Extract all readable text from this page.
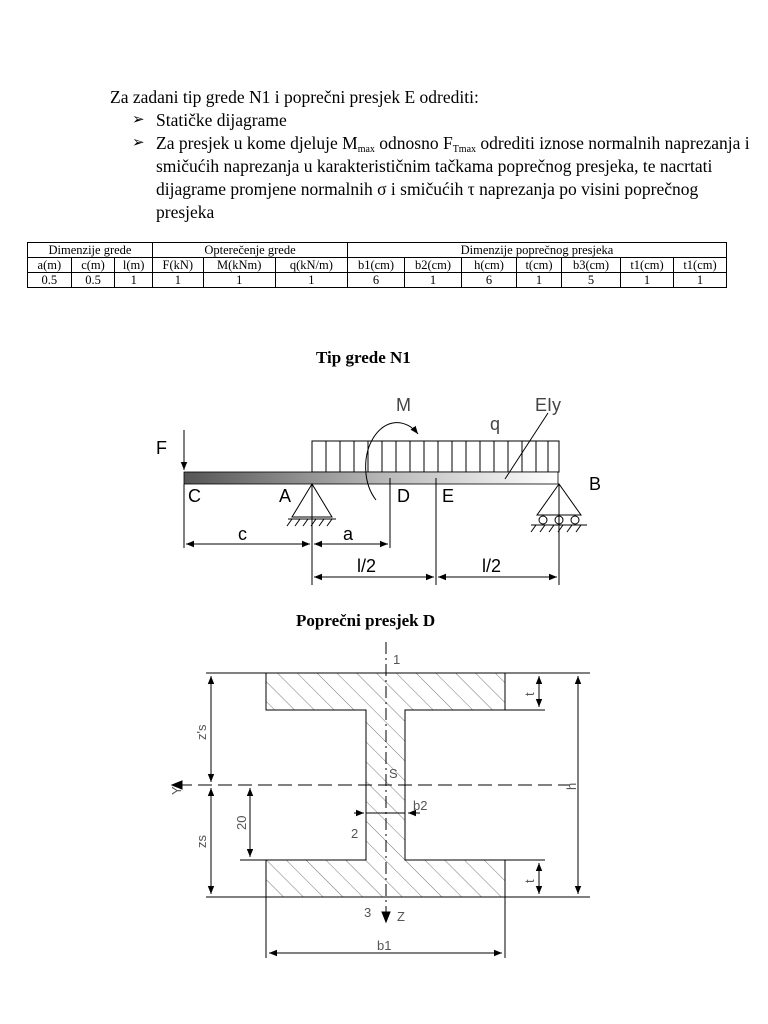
Za zadani tip grede N1 i poprečni presjek E odrediti:
➢ Statičke dijagrame
➢ Za presjek u kome djeluje $M_{max}$ odnosno $F_{Tmax}$ odrediti iznose normalnih naprezanja i smičućih naprezanja u karakterističnim tačkama poprečnog presjeka, te nacrtati dijagrame promjene normalnih σ i smičućih τ naprezanja po visini poprečnog presjeka
Dimenzije grede			Opterečenje grede			Dimenzije poprečnog presjeka						
a(m)	c(m)	l(m)	F(kN)	M(kNm)	q(kN/m)	b1(cm)	b2(cm)	h(cm)	t(cm)	b3(cm)	t1(cm)	t1(cm)
0.5	0.5	1	1	1	1	6	1	6	1	5	1	1
Tip grede N1
Poprečni presjek D
F
M
q
EIy
C	A	D E
B
c	a
l/2	l/2
1
2
3
S
Z
b2
b1
Y
z's
zs
20
h
t
t
